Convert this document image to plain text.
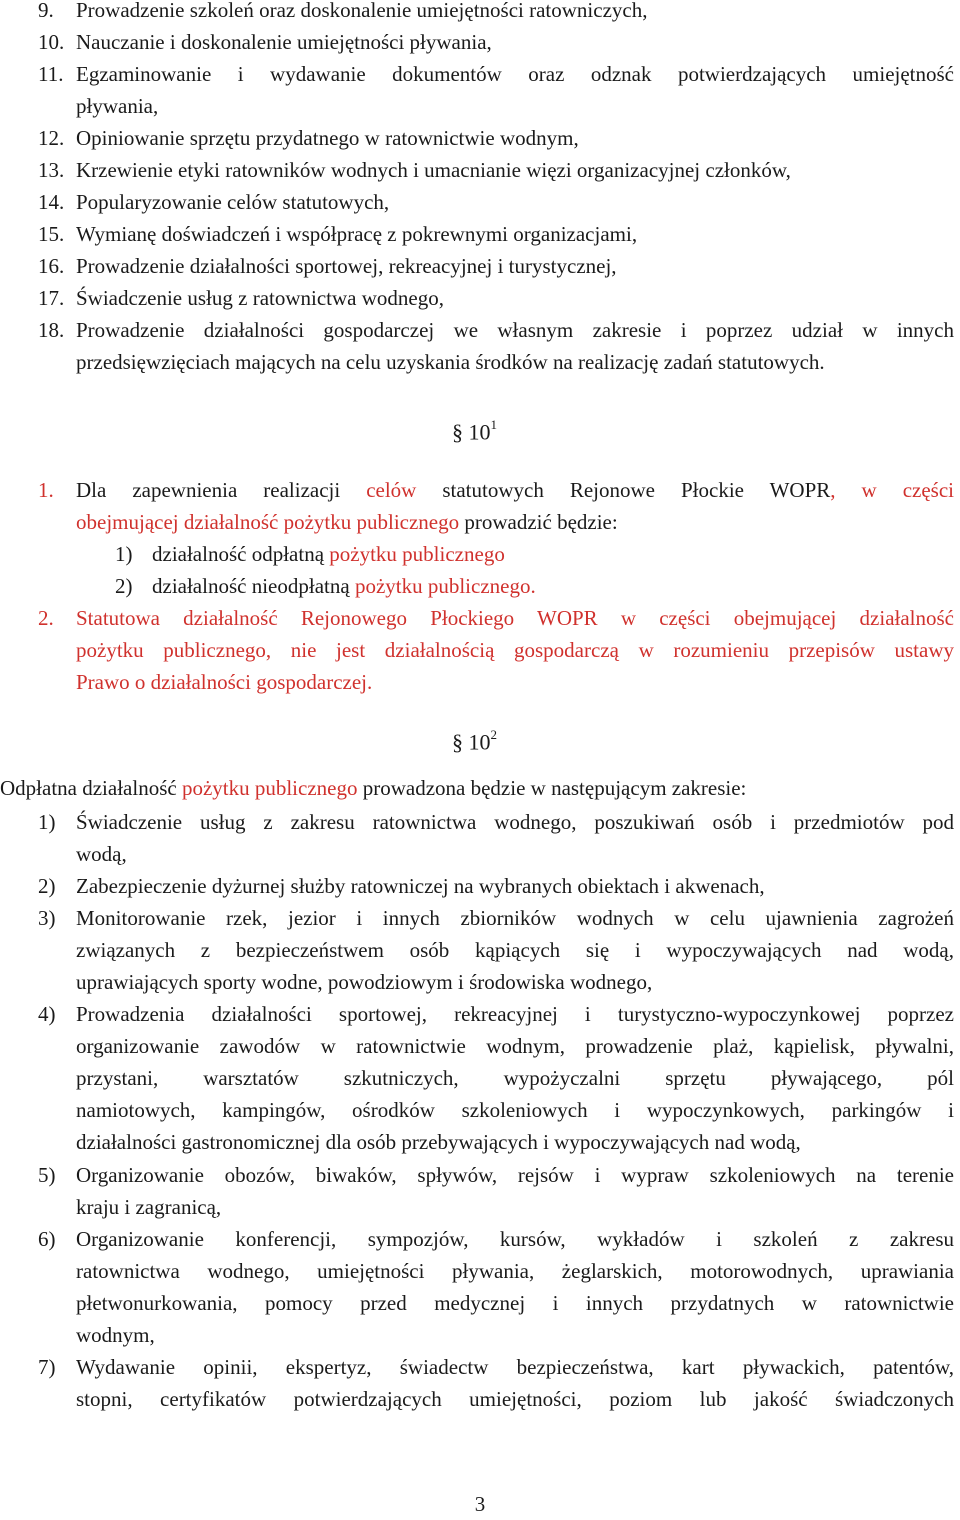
9. Prowadzenie szkoleń oraz doskonalenie umiejętności ratowniczych,
10. Nauczanie i doskonalenie umiejętności pływania,
11. Egzaminowanie i wydawanie dokumentów oraz odznak potwierdzających umiejętność
pływania,
12. Opiniowanie sprzętu przydatnego w ratownictwie wodnym,
13. Krzewienie etyki ratowników wodnych i umacnianie więzi organizacyjnej członków,
14. Popularyzowanie celów statutowych,
15. Wymianę doświadczeń i współpracę z pokrewnymi organizacjami,
16. Prowadzenie działalności sportowej, rekreacyjnej i turystycznej,
17. Świadczenie usług z ratownictwa wodnego,
18. Prowadzenie działalności gospodarczej we własnym zakresie i poprzez udział w innych
przedsięwzięciach mających na celu uzyskania środków na realizację zadań statutowych.
§ $10^1$
1. Dla zapewnienia realizacji celów statutowych Rejonowe Płockie WOPR, w części
obejmującej działalność pożytku publicznego prowadzić będzie:
1) działalność odpłatną pożytku publicznego
2) działalność nieodpłatną pożytku publicznego.
2. Statutowa działalność Rejonowego Płockiego WOPR w części obejmującej działalność
pożytku publicznego, nie jest działalnością gospodarczą w rozumieniu przepisów ustawy
Prawo o działalności gospodarczej.
§ $10^2$
Odpłatna działalność pożytku publicznego prowadzona będzie w następującym zakresie:
1) Świadczenie usług z zakresu ratownictwa wodnego, poszukiwań osób i przedmiotów pod
wodą,
2) Zabezpieczenie dyżurnej służby ratowniczej na wybranych obiektach i akwenach,
3) Monitorowanie rzek, jezior i innych zbiorników wodnych w celu ujawnienia zagrożeń
związanych z bezpieczeństwem osób kąpiących się i wypoczywających nad wodą,
uprawiających sporty wodne, powodziowym i środowiska wodnego,
4) Prowadzenia działalności sportowej, rekreacyjnej i turystyczno-wypoczynkowej poprzez
organizowanie zawodów w ratownictwie wodnym, prowadzenie plaż, kąpielisk, pływalni,
przystani, warsztatów szkutniczych, wypożyczalni sprzętu pływającego, pól
namiotowych, kampingów, ośrodków szkoleniowych i wypoczynkowych, parkingów i
działalności gastronomicznej dla osób przebywających i wypoczywających nad wodą,
5) Organizowanie obozów, biwaków, spływów, rejsów i wypraw szkoleniowych na terenie
kraju i zagranicą,
6) Organizowanie konferencji, sympozjów, kursów, wykładów i szkoleń z zakresu
ratownictwa wodnego, umiejętności pływania, żeglarskich, motorowodnych, uprawiania
płetwonurkowania, pomocy przed medycznej i innych przydatnych w ratownictwie
wodnym,
7) Wydawanie opinii, ekspertyz, świadectw bezpieczeństwa, kart pływackich, patentów,
stopni, certyfikatów potwierdzających umiejętności, poziom lub jakość świadczonych
3
